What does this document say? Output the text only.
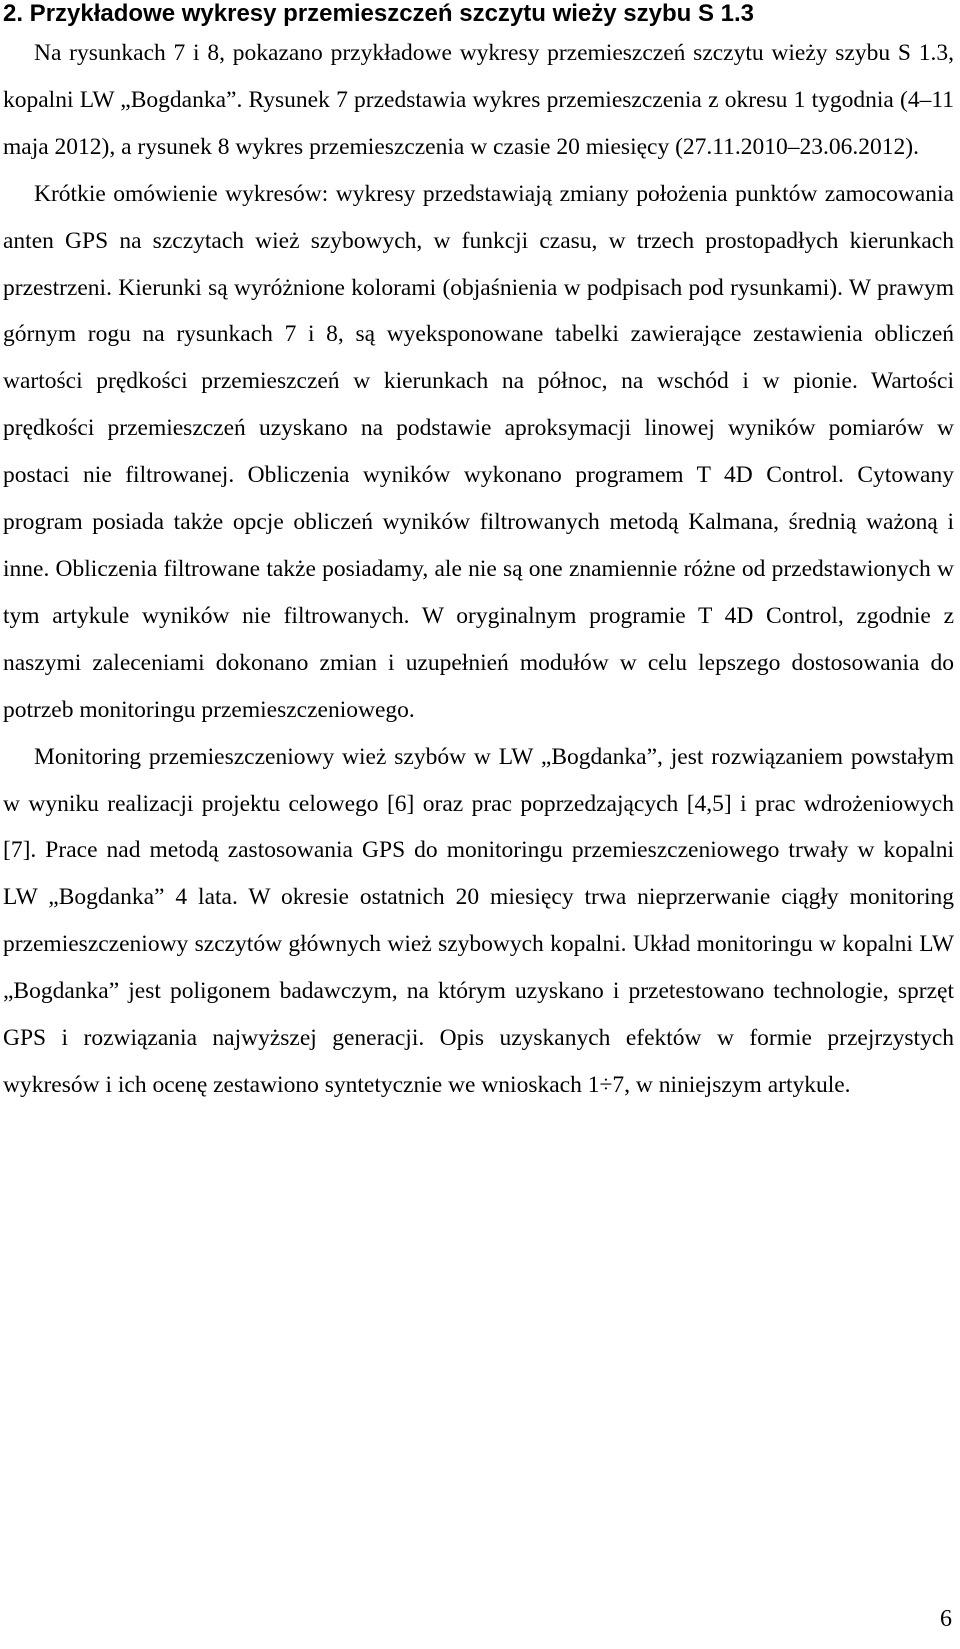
2. Przykładowe wykresy przemieszczeń szczytu wieży szybu S 1.3

Na rysunkach 7 i 8, pokazano przykładowe wykresy przemieszczeń szczytu wieży szybu S 1.3, kopalni LW „Bogdanka”. Rysunek 7 przedstawia wykres przemieszczenia z okresu 1 tygodnia (4–11 maja 2012), a rysunek 8 wykres przemieszczenia w czasie 20 miesięcy (27.11.2010–23.06.2012).

Krótkie omówienie wykresów: wykresy przedstawiają zmiany położenia punktów zamocowania anten GPS na szczytach wież szybowych, w funkcji czasu, w trzech prostopadłych kierunkach przestrzeni. Kierunki są wyróżnione kolorami (objaśnienia w podpisach pod rysunkami). W prawym górnym rogu na rysunkach 7 i 8, są wyeksponowane tabelki zawierające zestawienia obliczeń wartości prędkości przemieszczeń w kierunkach na północ, na wschód i w pionie. Wartości prędkości przemieszczeń uzyskano na podstawie aproksymacji linowej wyników pomiarów w postaci nie filtrowanej. Obliczenia wyników wykonano programem T 4D Control. Cytowany program posiada także opcje obliczeń wyników filtrowanych metodą Kalmana, średnią ważoną i inne. Obliczenia filtrowane także posiadamy, ale nie są one znamiennie różne od przedstawionych w tym artykule wyników nie filtrowanych. W oryginalnym programie T 4D Control, zgodnie z naszymi zaleceniami dokonano zmian i uzupełnień modułów w celu lepszego dostosowania do potrzeb monitoringu przemieszczeniowego.

Monitoring przemieszczeniowy wież szybów w LW „Bogdanka”, jest rozwiązaniem powstałym w wyniku realizacji projektu celowego [6] oraz prac poprzedzających [4,5] i prac wdrożeniowych [7]. Prace nad metodą zastosowania GPS do monitoringu przemieszczeniowego trwały w kopalni LW „Bogdanka” 4 lata. W okresie ostatnich 20 miesięcy trwa nieprzerwanie ciągły monitoring przemieszczeniowy szczytów głównych wież szybowych kopalni. Układ monitoringu w kopalni LW „Bogdanka” jest poligonem badawczym, na którym uzyskano i przetestowano technologie, sprzęt GPS i rozwiązania najwyższej generacji. Opis uzyskanych efektów w formie przejrzystych wykresów i ich ocenę zestawiono syntetycznie we wnioskach 1÷7, w niniejszym artykule.

6
